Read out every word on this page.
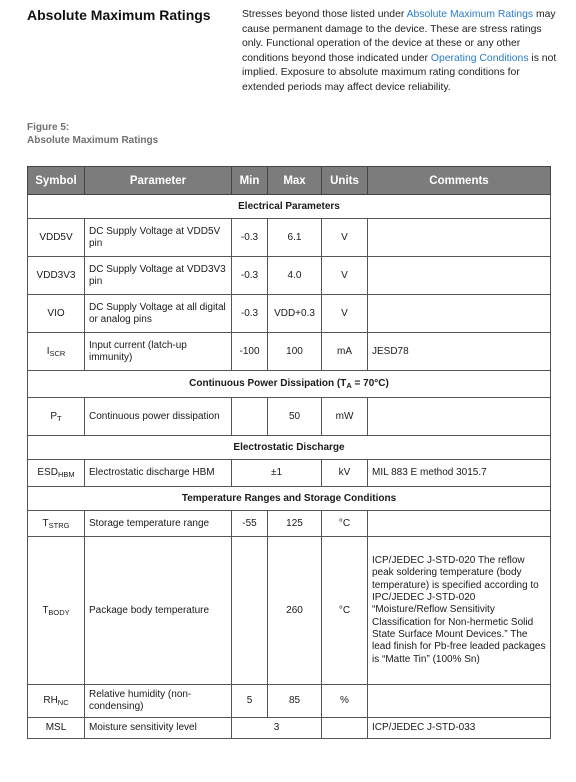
Absolute Maximum Ratings	Stresses beyond those listed under Absolute Maximum Ratings may cause permanent damage to the device. These are stress ratings only. Functional operation of the device at these or any other conditions beyond those indicated under Operating Conditions is not implied. Exposure to absolute maximum rating conditions for extended periods may affect device reliability.

Figure 5:
Absolute Maximum Ratings
Symbol	Parameter	Min	Max	Units	Comments
Electrical Parameters					
VDD5V	DC Supply Voltage at VDD5V pin	-0.3	6.1	V	
VDD3V3	DC Supply Voltage at VDD3V3 pin	-0.3	4.0	V	
VIO	DC Supply Voltage at all digital or analog pins	-0.3	VDD+0.3	V	
$I_{SCR}$	Input current (latch-up immunity)	-100	100	mA	JESD78
Continuous Power Dissipation $(T_A = 70^\circ C)$					
$P_T$	Continuous power dissipation		50	mW	
Electrostatic Discharge					
$ESD_{HBM}$	Electrostatic discharge HBM	±1		kV	MIL 883 E method 3015.7
Temperature Ranges and Storage Conditions					
$T_{STRG}$	Storage temperature range	-55	125	°C	
$T_{BODY}$	Package body temperature		260	°C	ICP/JEDEC J-STD-020 The reflow peak soldering temperature (body temperature) is specified according to IPC/JEDEC J-STD-020 “Moisture/Reflow Sensitivity Classification for Non-hermetic Solid State Surface Mount Devices.” The lead finish for Pb-free leaded packages is “Matte Tin” (100% Sn)
$RH_{NC}$	Relative humidity (non-condensing)	5	85	%	
MSL	Moisture sensitivity level	3			ICP/JEDEC J-STD-033
